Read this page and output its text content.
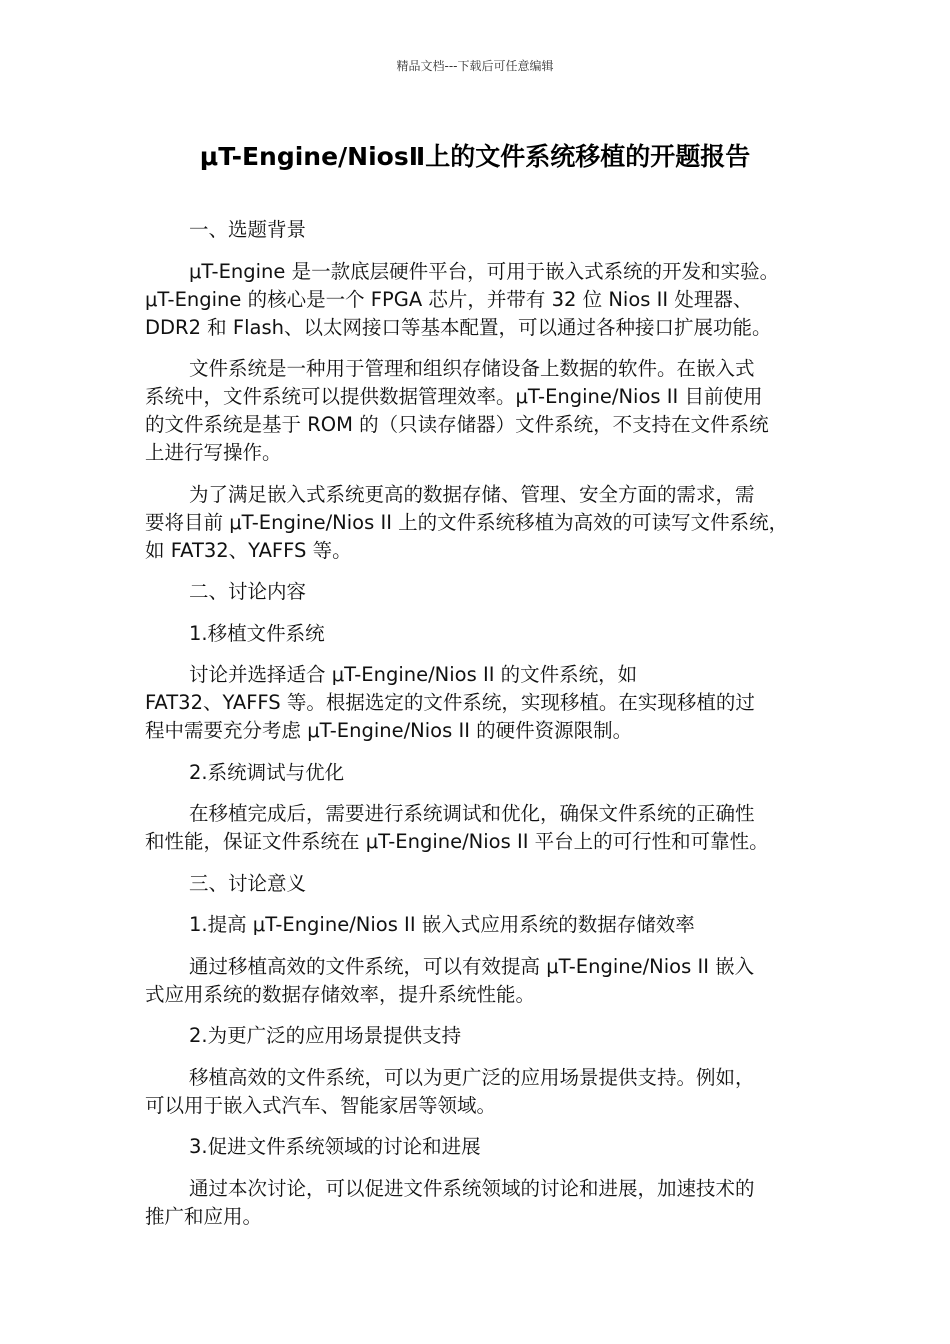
精品文档---下载后可任意编辑
μT-Engine/NiosⅡ上的文件系统移植的开题报告
一、选题背景

μT-Engine 是一款底层硬件平台，可用于嵌入式系统的开发和实验。
μT-Engine 的核心是一个 FPGA 芯片，并带有 32 位 Nios II 处理器、
DDR2 和 Flash、以太网接口等基本配置，可以通过各种接口扩展功能。

文件系统是一种用于管理和组织存储设备上数据的软件。在嵌入式
系统中，文件系统可以提供数据管理效率。μT-Engine/Nios II 目前使用
的文件系统是基于 ROM 的（只读存储器）文件系统，不支持在文件系统
上进行写操作。

为了满足嵌入式系统更高的数据存储、管理、安全方面的需求，需
要将目前 μT-Engine/Nios II 上的文件系统移植为高效的可读写文件系统，
如 FAT32、YAFFS 等。

二、讨论内容
1.移植文件系统

讨论并选择适合 μT-Engine/Nios II 的文件系统，如
FAT32、YAFFS 等。根据选定的文件系统，实现移植。在实现移植的过
程中需要充分考虑 μT-Engine/Nios II 的硬件资源限制。

2.系统调试与优化

在移植完成后，需要进行系统调试和优化，确保文件系统的正确性
和性能，保证文件系统在 μT-Engine/Nios II 平台上的可行性和可靠性。

三、讨论意义
1.提高 μT-Engine/Nios II 嵌入式应用系统的数据存储效率

通过移植高效的文件系统，可以有效提高 μT-Engine/Nios II 嵌入
式应用系统的数据存储效率，提升系统性能。

2.为更广泛的应用场景提供支持

移植高效的文件系统，可以为更广泛的应用场景提供支持。例如，
可以用于嵌入式汽车、智能家居等领域。

3.促进文件系统领域的讨论和进展

通过本次讨论，可以促进文件系统领域的讨论和进展，加速技术的
推广和应用。
